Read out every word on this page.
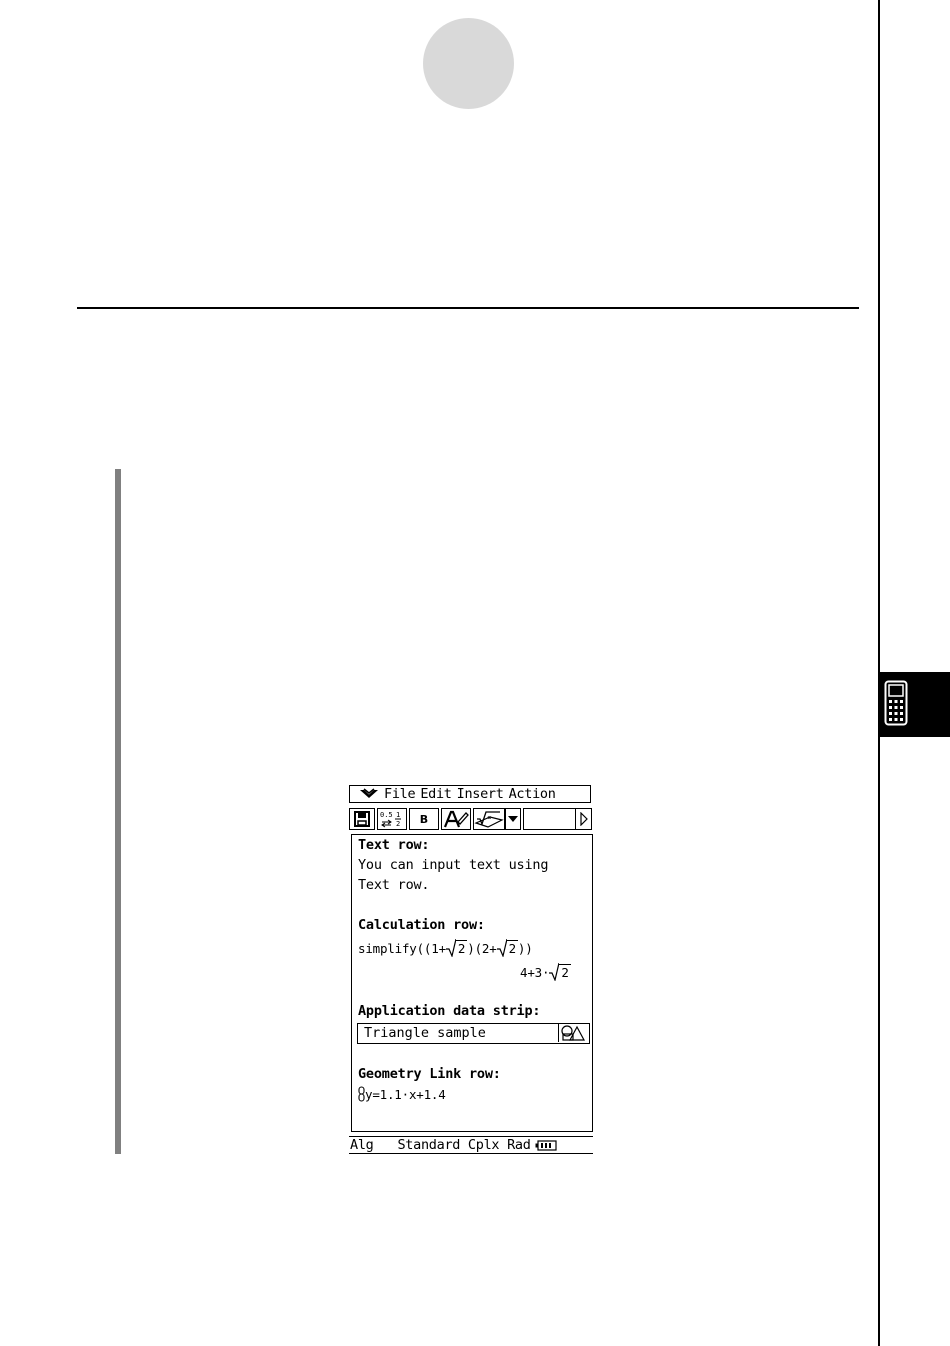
File Edit Insert Action
0.5 1
2	B	∝
Text row:
You can input text using
Text row.
Calculation row:
simplify((1+ 2 )(2+ 2 ))
4+3· 2
Application data strip:
Triangle sample
Geometry Link row:
y=1.1·x+1.4
Alg Standard Cplx Rad
